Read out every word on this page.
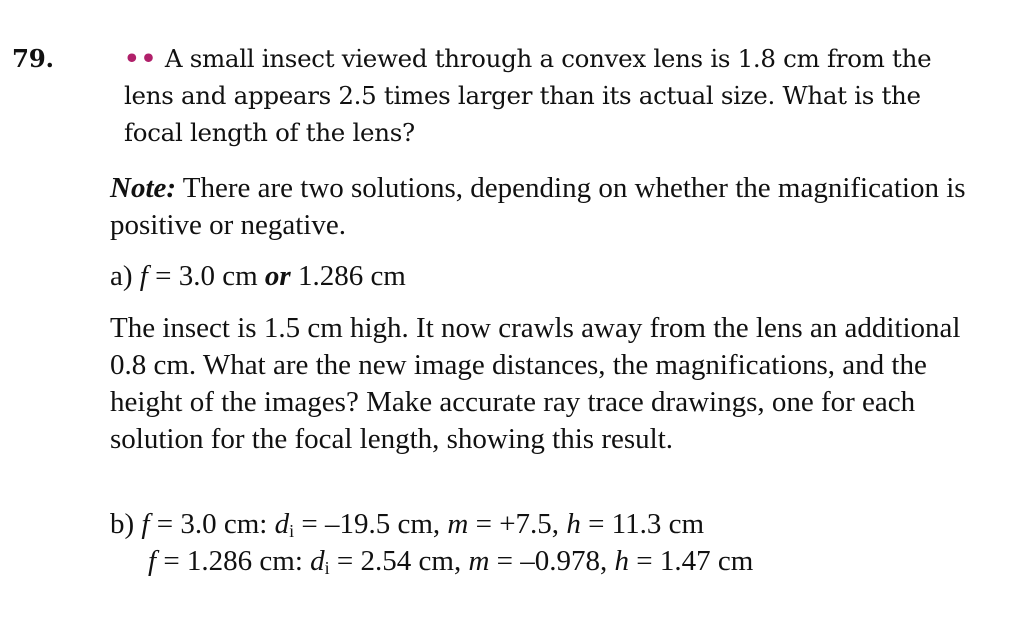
79.	•• A small insect viewed through a convex lens is 1.8 cm from the lens and appears 2.5 times larger than its actual size. What is the focal length of the lens?

Note: There are two solutions, depending on whether the magnification is positive or negative.

a) f = 3.0 cm or 1.286 cm

The insect is 1.5 cm high. It now crawls away from the lens an additional 0.8 cm. What are the new image distances, the magnifications, and the height of the images? Make accurate ray trace drawings, one for each solution for the focal length, showing this result.

b) f = 3.0 cm: $d_i = -19.5$ cm, m = +7.5, h = 11.3 cm
f = 1.286 cm: $d_i = 2.54$ cm, m = –0.978, h = 1.47 cm
